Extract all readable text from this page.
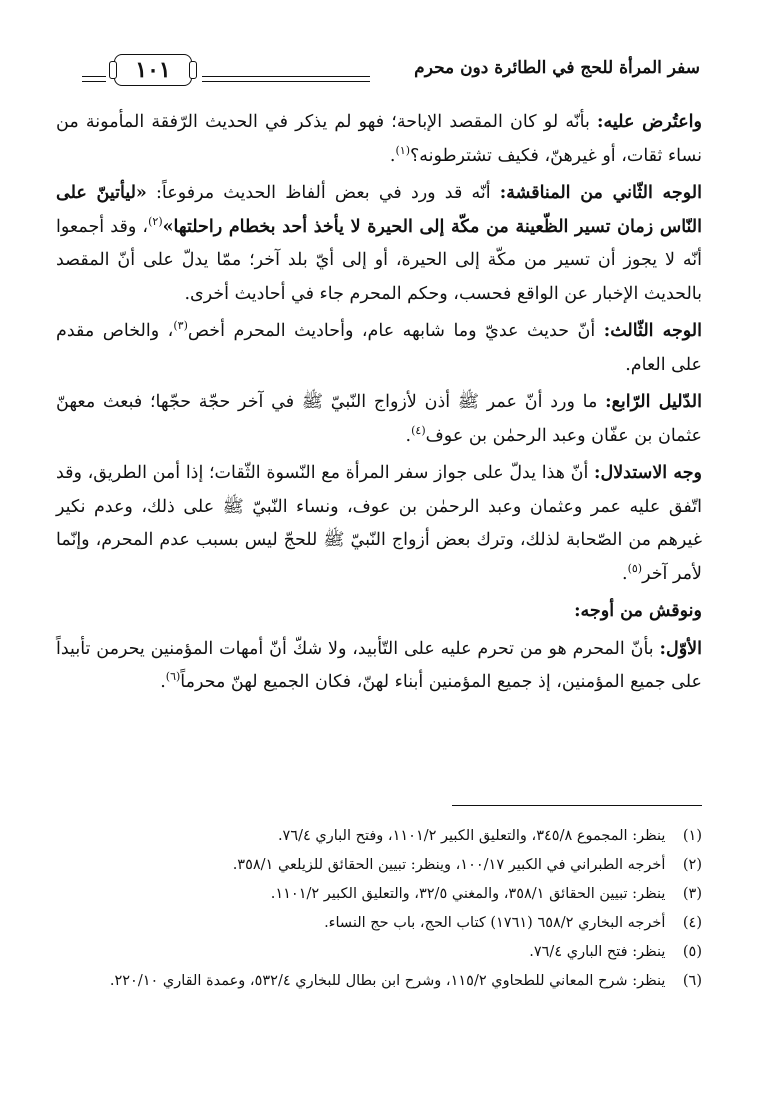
سفر المرأة للحج في الطائرة دون محرم
١٠١

واعتُرض عليه: بأنّه لو كان المقصد الإباحة؛ فهو لم يذكر في الحديث الرّفقة المأمونة من نساء ثقات، أو غيرهنّ، فكيف تشترطونه؟$^{(١)}$.

الوجه الثّاني من المناقشة: أنّه قد ورد في بعض ألفاظ الحديث مرفوعاً: «ليأتينّ على النّاس زمان تسير الظّعينة من مكّة إلى الحيرة لا يأخذ أحد بخطام راحلتها»$^{(٢)}$، وقد أجمعوا أنّه لا يجوز أن تسير من مكّة إلى الحيرة، أو إلى أيّ بلد آخر؛ ممّا يدلّ على أنّ المقصد بالحديث الإخبار عن الواقع فحسب، وحكم المحرم جاء في أحاديث أخرى.

الوجه الثّالث: أنّ حديث عديّ وما شابهه عام، وأحاديث المحرم أخص$^{(٣)}$، والخاص مقدم على العام.

الدّليل الرّابع: ما ورد أنّ عمر ﷺ أذن لأزواج النّبيّ ﷺ في آخر حجّة حجّها؛ فبعث معهنّ عثمان بن عفّان وعبد الرحمٰن بن عوف$^{(٤)}$.

وجه الاستدلال: أنّ هذا يدلّ على جواز سفر المرأة مع النّسوة الثّقات؛ إذا أمن الطريق، وقد اتّفق عليه عمر وعثمان وعبد الرحمٰن بن عوف، ونساء النّبيّ ﷺ على ذلك، وعدم نكير غيرهم من الصّحابة لذلك، وترك بعض أزواج النّبيّ ﷺ للحجّ ليس بسبب عدم المحرم، وإنّما لأمر آخر$^{(٥)}$.

ونوقش من أوجه:

الأوّل: بأنّ المحرم هو من تحرم عليه على التّأبيد، ولا شكّ أنّ أمهات المؤمنين يحرمن تأبيداً على جميع المؤمنين، إذ جميع المؤمنين أبناء لهنّ، فكان الجميع لهنّ محرماً$^{(٦)}$.

(١) ينظر: المجموع ٣٤٥/٨، والتعليق الكبير ١١٠١/٢، وفتح الباري ٧٦/٤.

(٢) أخرجه الطبراني في الكبير ١٠٠/١٧، وينظر: تبيين الحقائق للزيلعي ٣٥٨/١.

(٣) ينظر: تبيين الحقائق ٣٥٨/١، والمغني ٣٢/٥، والتعليق الكبير ١١٠١/٢.

(٤) أخرجه البخاري ٦٥٨/٢ (١٧٦١) كتاب الحج، باب حج النساء.

(٥) ينظر: فتح الباري ٧٦/٤.

(٦) ينظر: شرح المعاني للطحاوي ١١٥/٢، وشرح ابن بطال للبخاري ٥٣٢/٤، وعمدة القاري ٢٢٠/١٠.
